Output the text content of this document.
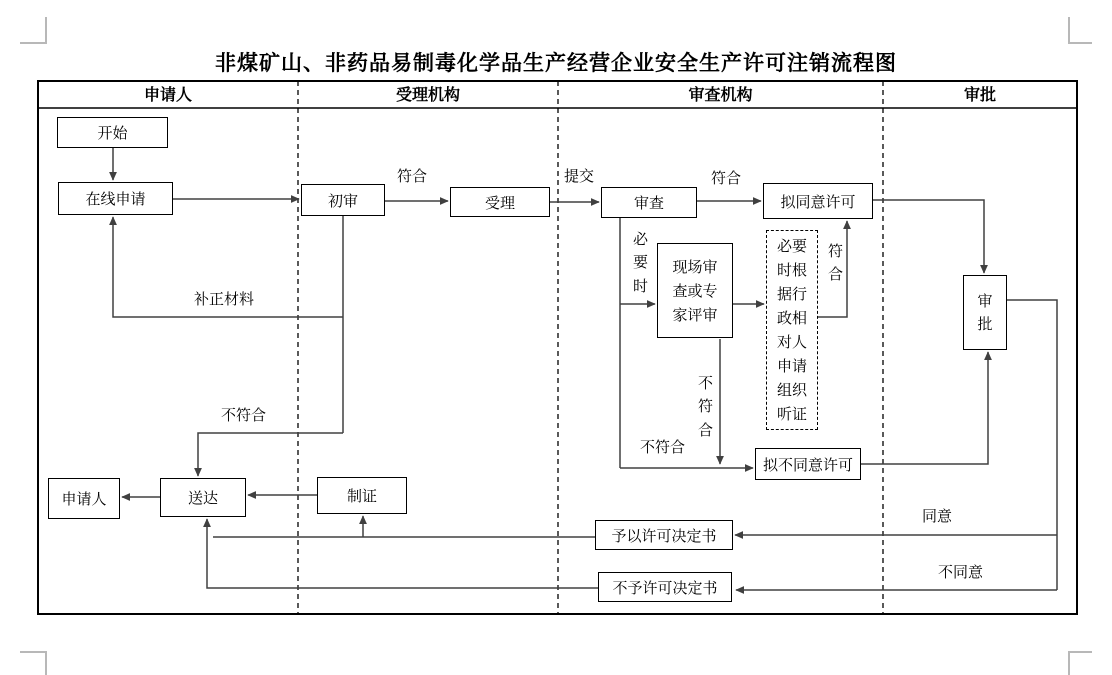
非煤矿山、非药品易制毒化学品生产经营企业安全生产许可注销流程图
申请人	受理机构	审查机构	审批
开始
在线申请	初审	受理	审查	拟同意许可
现场审查或专家评审
必要时根据行政相对人申请组织听证
审批
拟不同意许可
予以许可决定书
不予许可决定书
制证
送达
申请人
符合	提交	符合
必要时
符合
不符合
不符合
补正材料
不符合
同意
不同意
